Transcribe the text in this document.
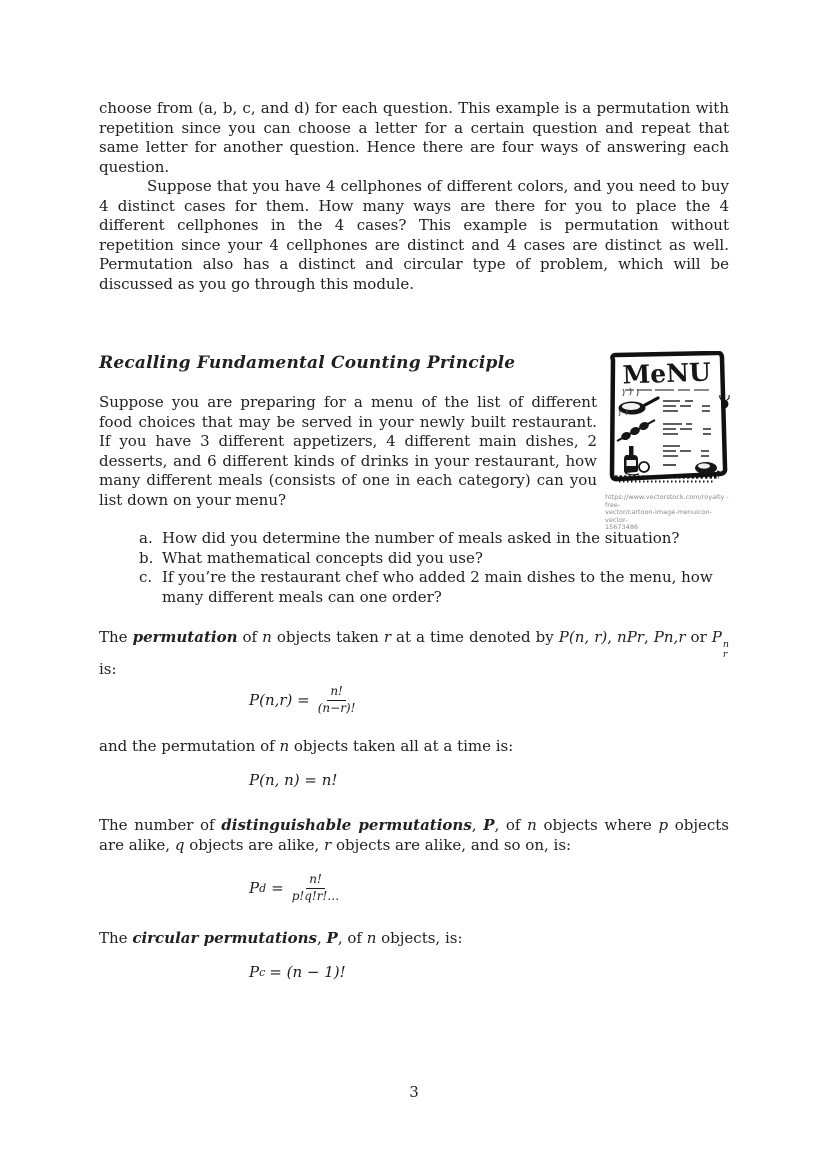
choose from (a, b, c, and d) for each question. This example is a permutation with repetition since you can choose a letter for a certain question and repeat that same letter for another question. Hence there are four ways of answering each question.

Suppose that you have 4 cellphones of different colors, and you need to buy 4 distinct cases for them. How many ways are there for you to place the 4 different cellphones in the 4 cases? This example is permutation without repetition since your 4 cellphones are distinct and 4 cases are distinct as well. Permutation also has a distinct and circular type of problem, which will be discussed as you go through this module.

Recalling Fundamental Counting Principle	MeNU
https://www.vectorstock.com/royalty -free-
vector/cartoon-image-menuicon-vector-
15673486

Suppose you are preparing for a menu of the list of different food choices that may be served in your newly built restaurant. If you have 3 different appetizers, 4 different main dishes, 2 desserts, and 6 different kinds of drinks in your restaurant, how many different meals (consists of one in each category) can you list down on your menu?

a. How did you determine the number of meals asked in the situation?
b. What mathematical concepts did you use?
c. If you’re the restaurant chef who added 2 main dishes to the menu, how many different meals can one order?

The permutation of n objects taken r at a time denoted by P(n, r), nPr, Pn,r or P n
r
is:

$P(n,r) = \frac{n!}{(n-r)!}$

and the permutation of n objects taken all at a time is:

P(n, n) = n!

The number of distinguishable permutations, P, of n objects where p objects are alike, q objects are alike, r objects are alike, and so on, is:

P $d = \frac{n!}{p!q!r!\dots}$

The circular permutations, P, of n objects, is:

P c = (n − 1)!
3
